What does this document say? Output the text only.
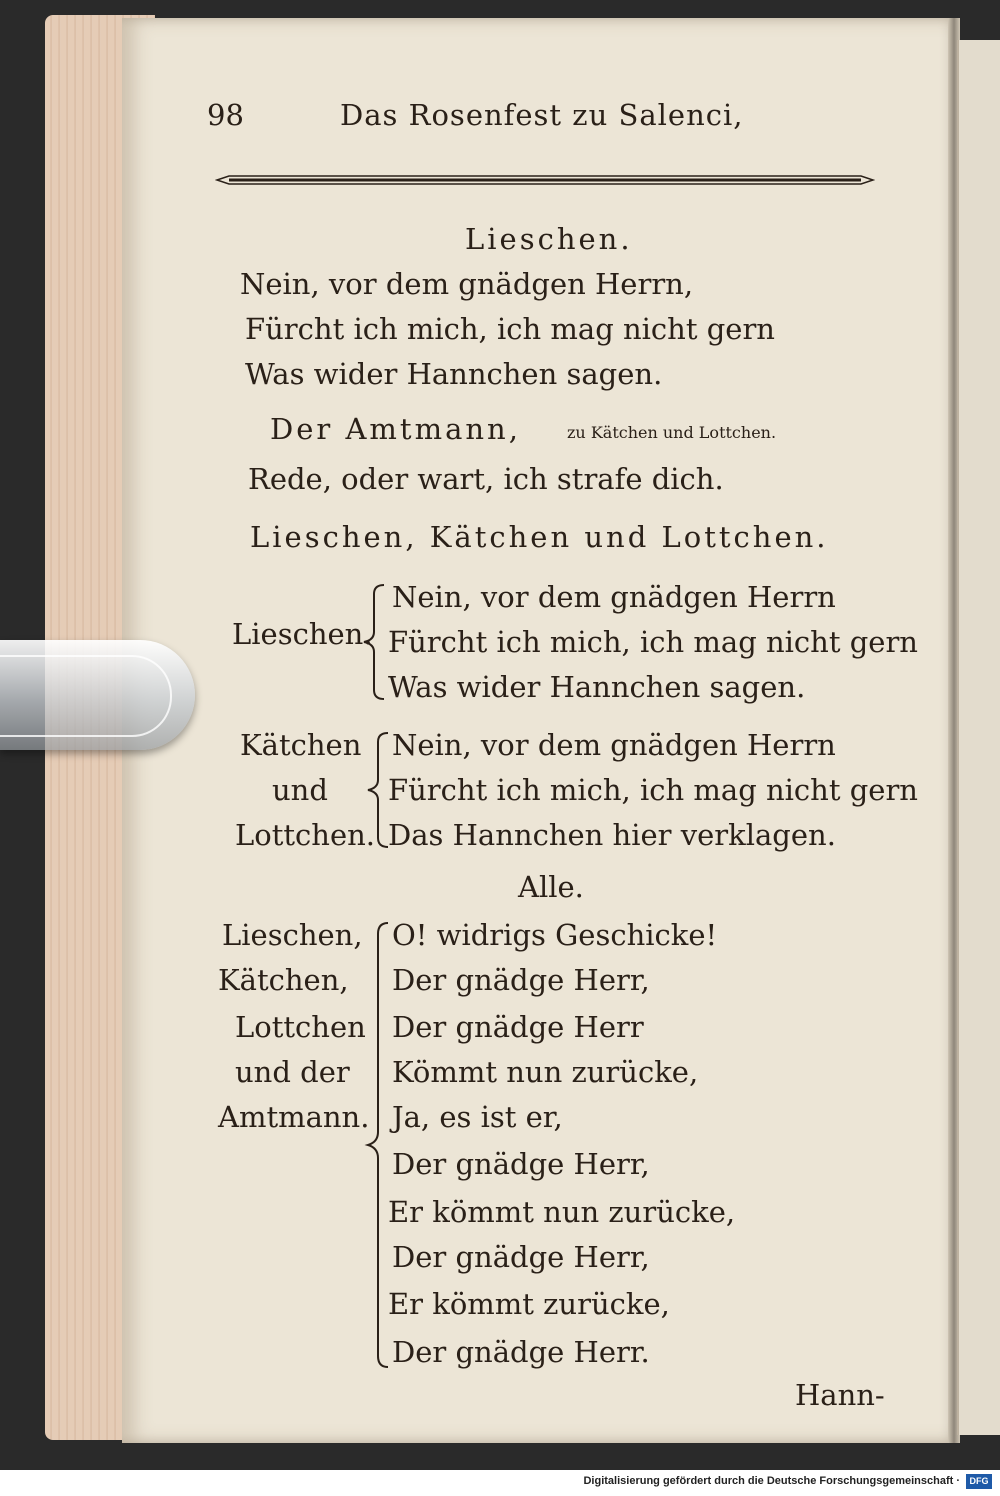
98	Das Rosenfest zu Salenci,
Lieschen.
Nein, vor dem gnädgen Herrn,
Fürcht ich mich, ich mag nicht gern
Was wider Hannchen sagen.
Der Amtmann,	zu Kätchen und Lottchen.
Rede, oder wart, ich strafe dich.
Lieschen, Kätchen und Lottchen.
Lieschen.
Nein, vor dem gnädgen Herrn
Fürcht ich mich, ich mag nicht gern
Was wider Hannchen sagen.
Kätchen
und
Lottchen.
Nein, vor dem gnädgen Herrn
Fürcht ich mich, ich mag nicht gern
Das Hannchen hier verklagen.
Alle.
Lieschen,
Kätchen,
Lottchen
und der
Amtmann.
O! widrigs Geschicke!
Der gnädge Herr,
Der gnädge Herr
Kömmt nun zurücke,
Ja, es ist er,
Der gnädge Herr,
Er kömmt nun zurücke,
Der gnädge Herr,
Er kömmt zurücke,
Der gnädge Herr.
Hann-
Digitalisierung gefördert durch die Deutsche Forschungsgemeinschaft ·	DFG
